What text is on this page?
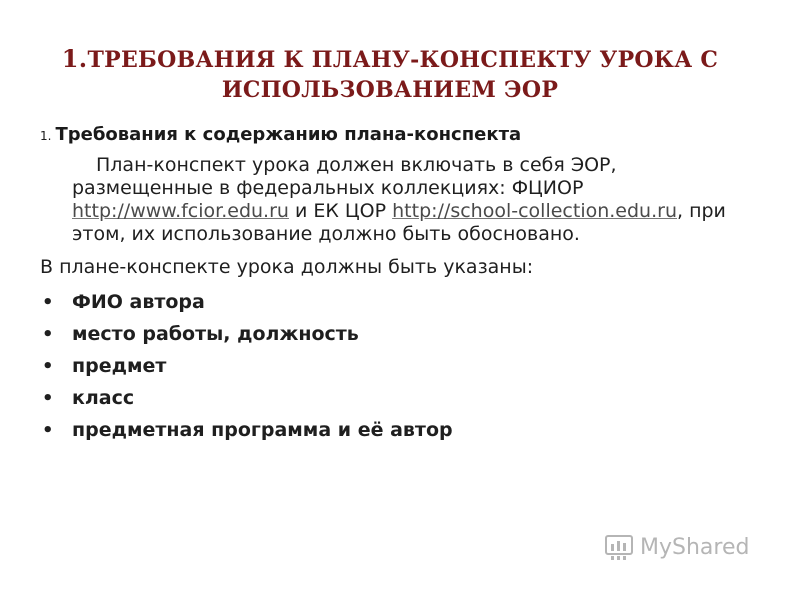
1.ТРЕБОВАНИЯ К ПЛАНУ-КОНСПЕКТУ УРОКА С ИСПОЛЬЗОВАНИЕМ ЭОР
1. Требования к содержанию плана-конспекта

План-конспект урока должен включать в себя ЭОР, размещенные в федеральных коллекциях: ФЦИОР http://www.fcior.edu.ru и ЕК ЦОР http://school-collection.edu.ru, при этом, их использование должно быть обосновано.

В плане-конспекте урока должны быть указаны:
• ФИО автора
• место работы, должность
• предмет
• класс
• предметная программа и её автор
MyShared
